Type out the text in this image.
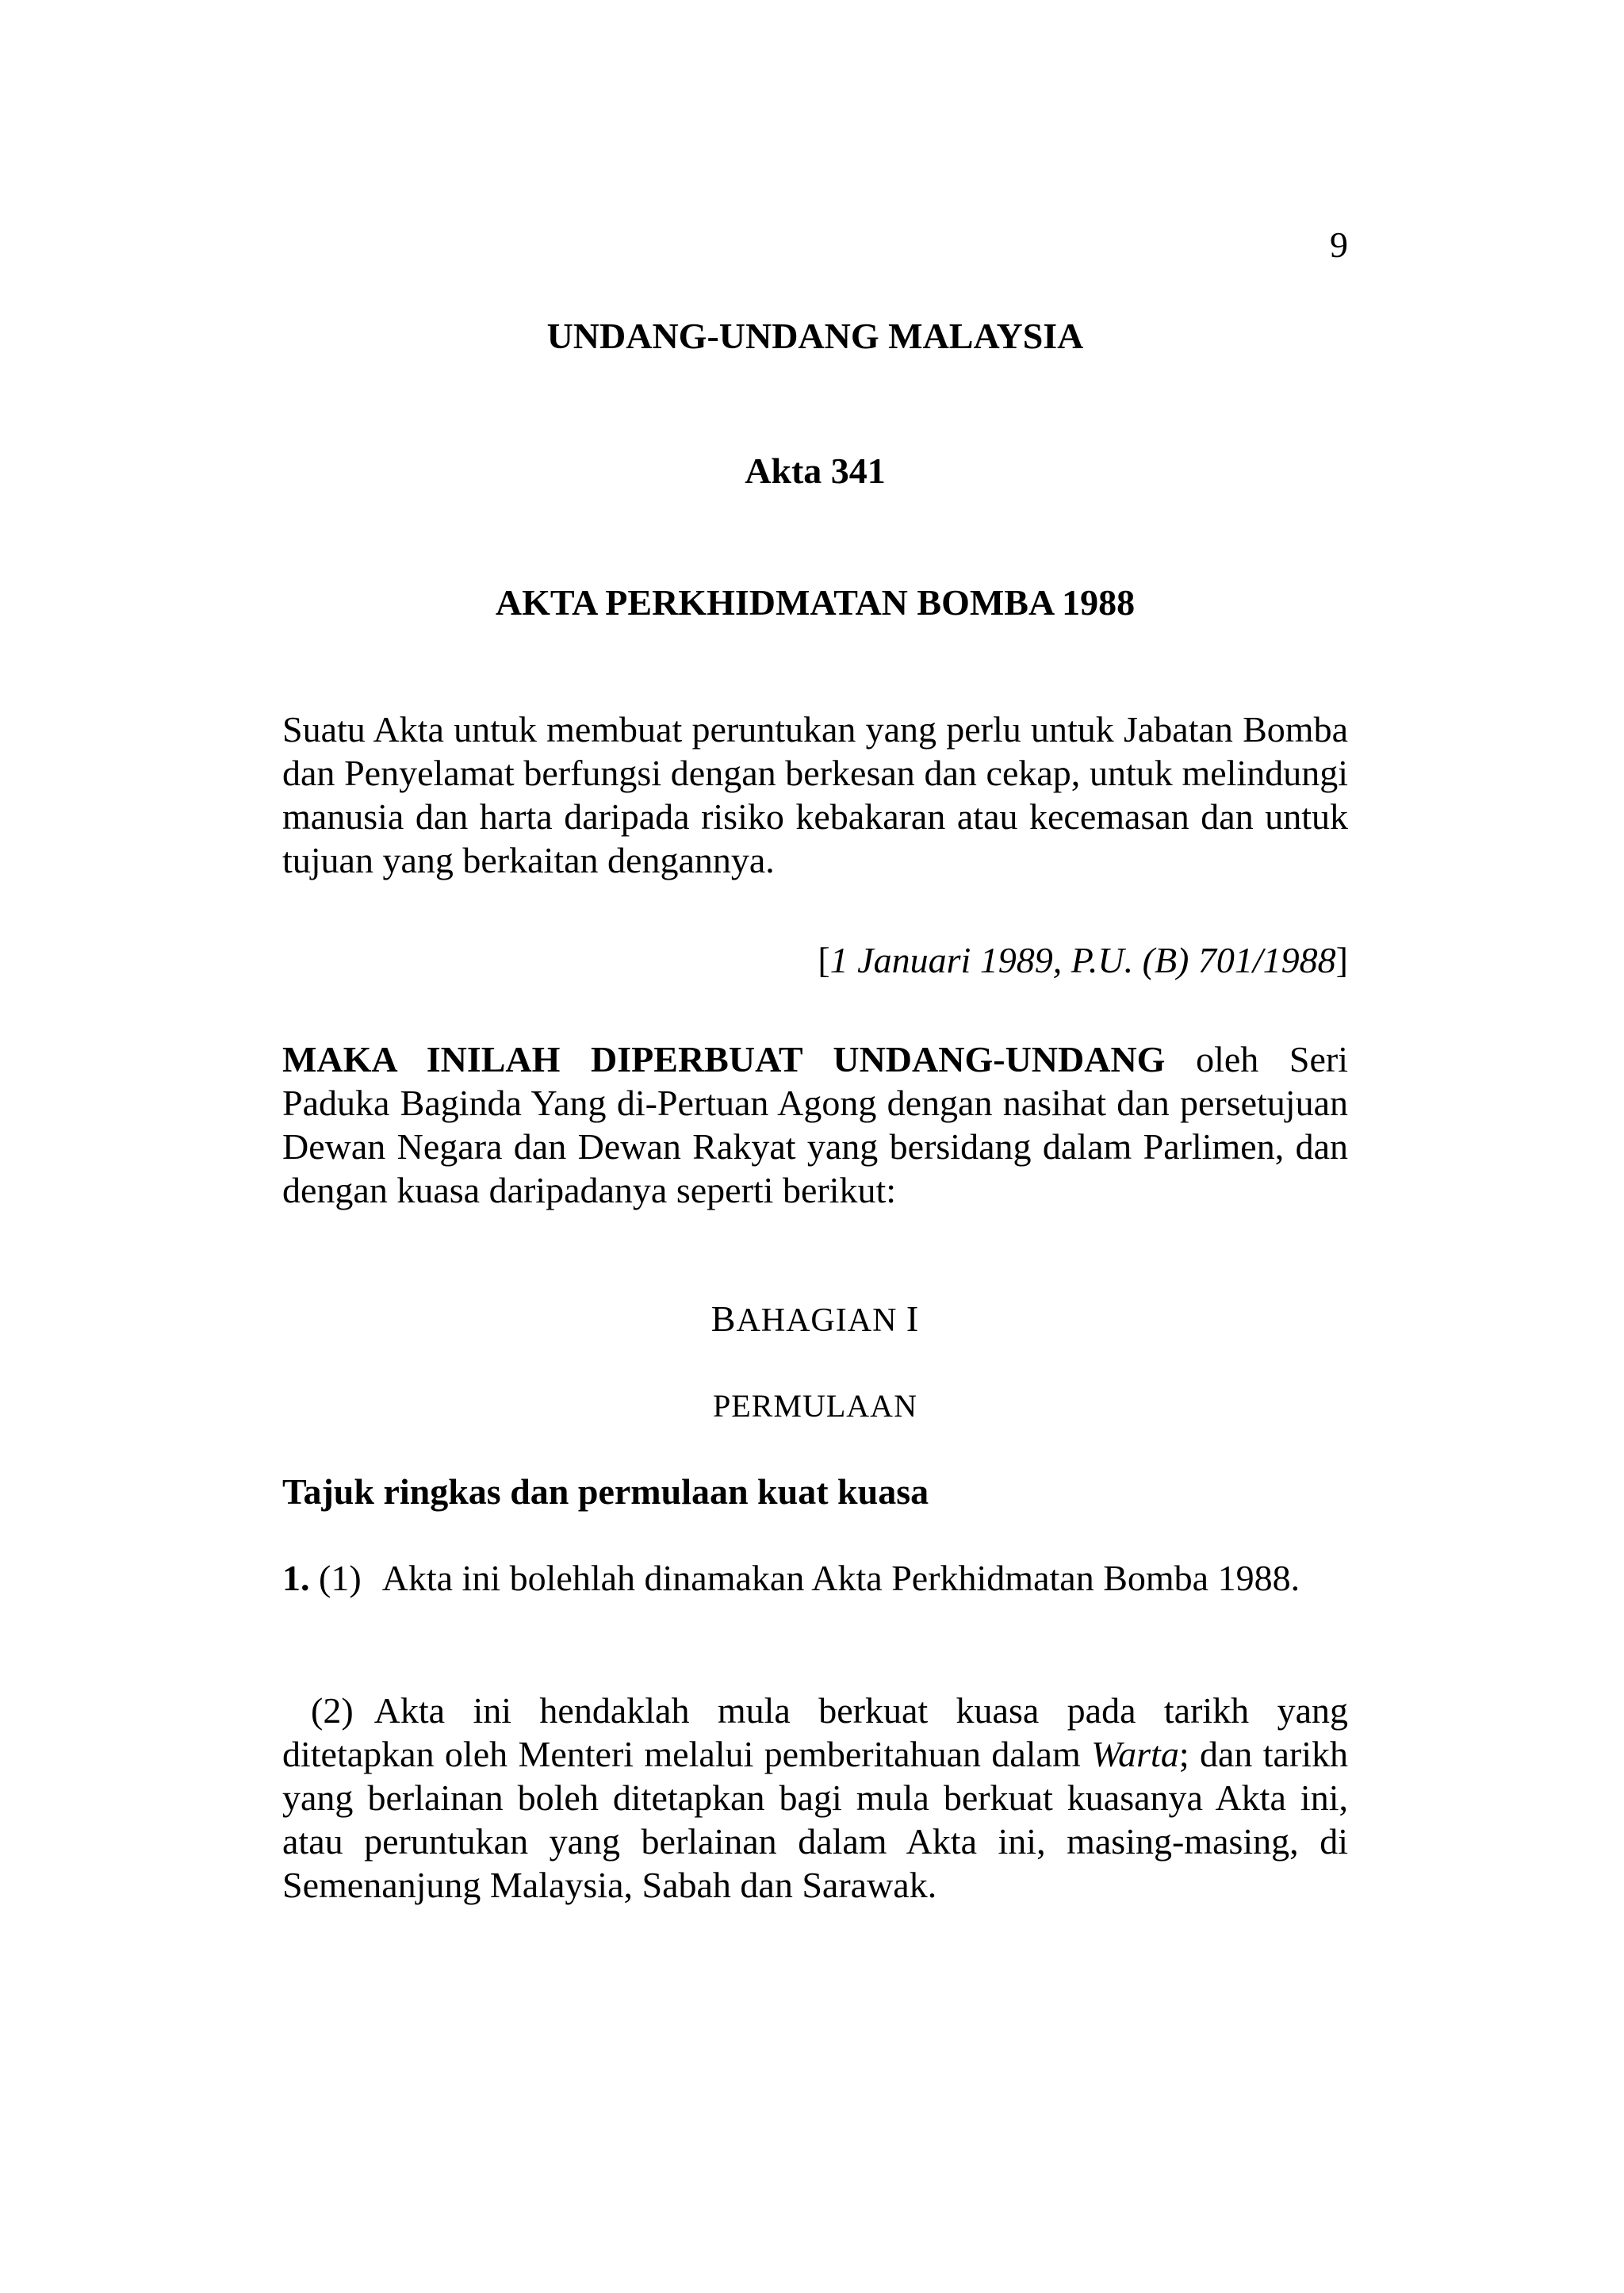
9
UNDANG-UNDANG MALAYSIA
Akta 341
AKTA PERKHIDMATAN BOMBA 1988
Suatu Akta untuk membuat peruntukan yang perlu untuk Jabatan Bomba dan Penyelamat berfungsi dengan berkesan dan cekap, untuk melindungi manusia dan harta daripada risiko kebakaran atau kecemasan dan untuk tujuan yang berkaitan dengannya.
[1 Januari 1989, P.U. (B) 701/1988]
MAKA INILAH DIPERBUAT UNDANG-UNDANG oleh Seri Paduka Baginda Yang di-Pertuan Agong dengan nasihat dan persetujuan Dewan Negara dan Dewan Rakyat yang bersidang dalam Parlimen, dan dengan kuasa daripadanya seperti berikut:
BAHAGIAN I
PERMULAAN
Tajuk ringkas dan permulaan kuat kuasa
1. (1) Akta ini bolehlah dinamakan Akta Perkhidmatan Bomba 1988.
(2) Akta ini hendaklah mula berkuat kuasa pada tarikh yang ditetapkan oleh Menteri melalui pemberitahuan dalam Warta; dan tarikh yang berlainan boleh ditetapkan bagi mula berkuat kuasanya Akta ini, atau peruntukan yang berlainan dalam Akta ini, masing-masing, di Semenanjung Malaysia, Sabah dan Sarawak.
